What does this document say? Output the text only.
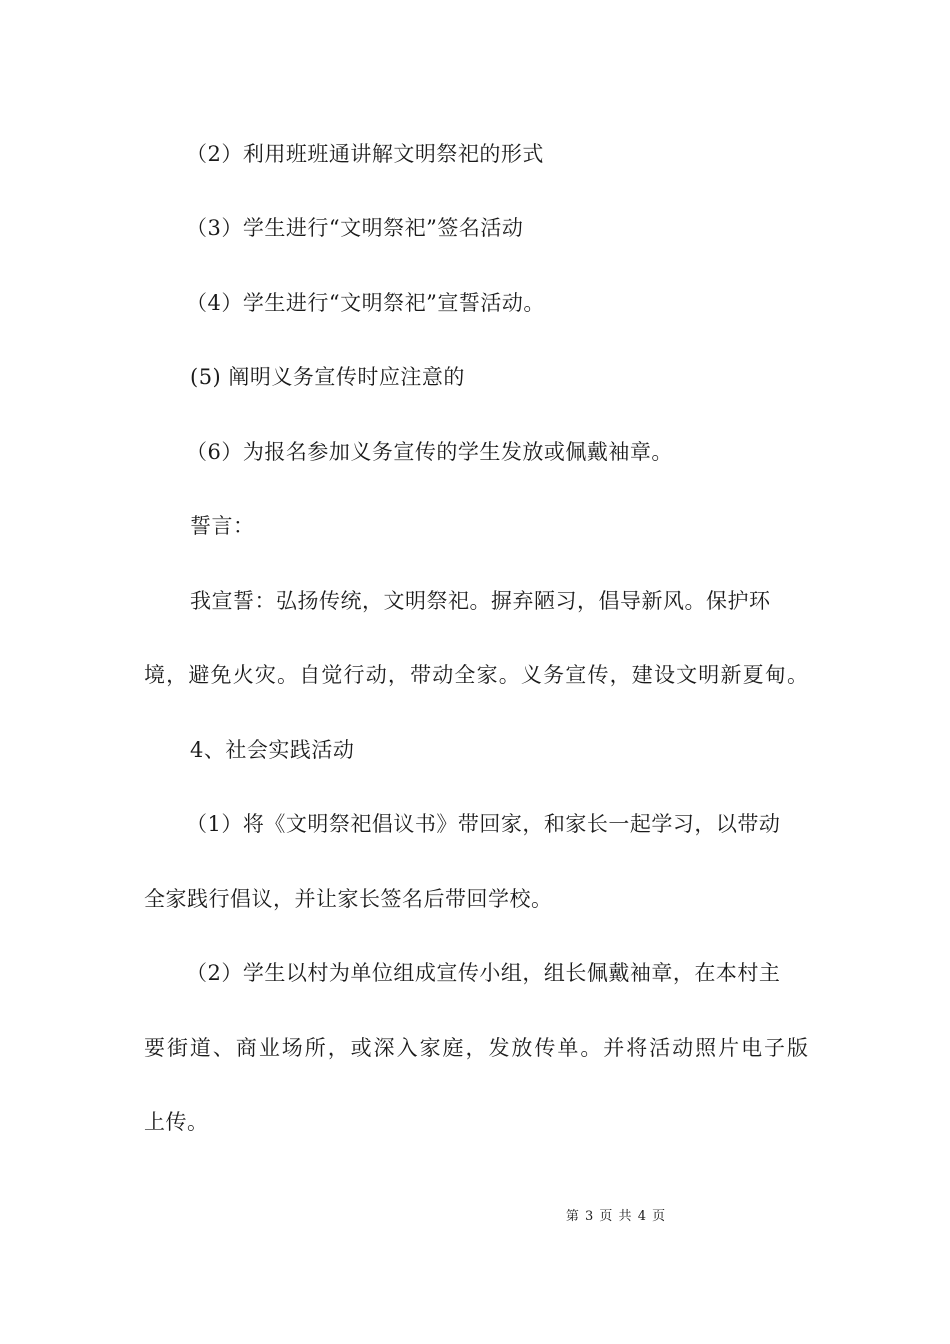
（2）利用班班通讲解文明祭祀的形式
（3）学生进行“文明祭祀”签名活动
（4）学生进行“文明祭祀”宣誓活动。
(5) 阐明义务宣传时应注意的
（6）为报名参加义务宣传的学生发放或佩戴袖章。
誓言：
我宣誓：弘扬传统，文明祭祀。摒弃陋习，倡导新风。保护环
境，避免火灾。自觉行动，带动全家。义务宣传，建设文明新夏甸。
4、社会实践活动
（1）将《文明祭祀倡议书》带回家，和家长一起学习，以带动
全家践行倡议，并让家长签名后带回学校。
（2）学生以村为单位组成宣传小组，组长佩戴袖章，在本村主
要街道、商业场所，或深入家庭，发放传单。并将活动照片电子版
上传。
第 3 页 共 4 页
